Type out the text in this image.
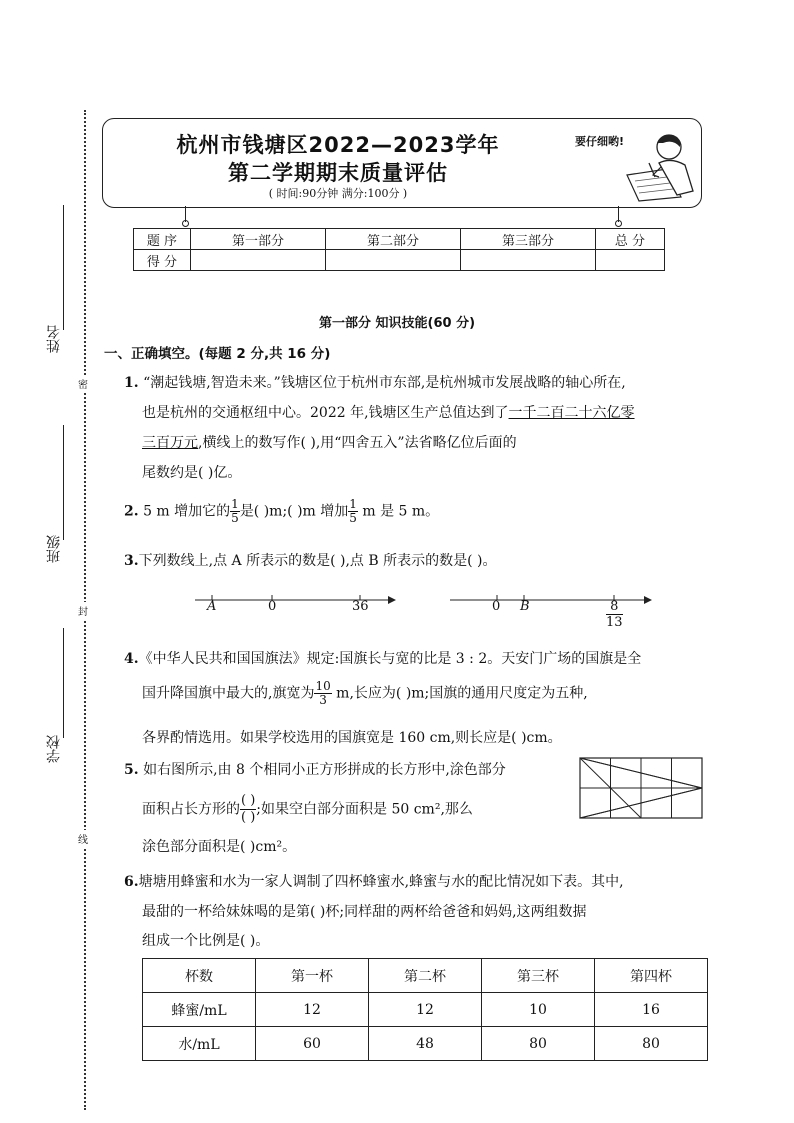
姓名
班级
学校
密
封
线
杭州市钱塘区2022—2023学年
第二学期期末质量评估
( 时间:90分钟 满分:100分 )
要仔细哟!
题 序	第一部分	第二部分	第三部分	总 分
得 分				
第一部分 知识技能(60 分)
一、正确填空。(每题 2 分,共 16 分)
1. “潮起钱塘,智造未来。”钱塘区位于杭州市东部,是杭州城市发展战略的轴心所在,
也是杭州的交通枢纽中心。2022 年,钱塘区生产总值达到了一千二百二十六亿零
三百万元,横线上的数写作( ),用“四舍五入”法省略亿位后面的
尾数约是( )亿。
2. 5 m 增加它的 $\frac{1}{5}$ 是( )m;( )m 增加 $\frac{1}{5}$ m 是 5 m。
3.下列数线上,点 A 所表示的数是( ),点 B 所表示的数是( )。
A	0	36	0 B	$\frac{8}{13}$
4.《中华人民共和国国旗法》规定:国旗长与宽的比是 3 : 2。天安门广场的国旗是全
国升降国旗中最大的,旗宽为 $\frac{10}{3} m$,长应为( )m;国旗的通用尺度定为五种,
各界酌情选用。如果学校选用的国旗宽是 160 cm,则长应是( )cm。
5. 如右图所示,由 8 个相同小正方形拼成的长方形中,涂色部分
面积占长方形的 $\frac{( )}{( )}$ ;如果空白部分面积是 50 cm²,那么
涂色部分面积是( )cm²。
6.塘塘用蜂蜜和水为一家人调制了四杯蜂蜜水,蜂蜜与水的配比情况如下表。其中,
最甜的一杯给妹妹喝的是第( )杯;同样甜的两杯给爸爸和妈妈,这两组数据
组成一个比例是( )。
杯数	第一杯	第二杯	第三杯	第四杯
蜂蜜/mL	12	12	10	16
水/mL	60	48	80	80
